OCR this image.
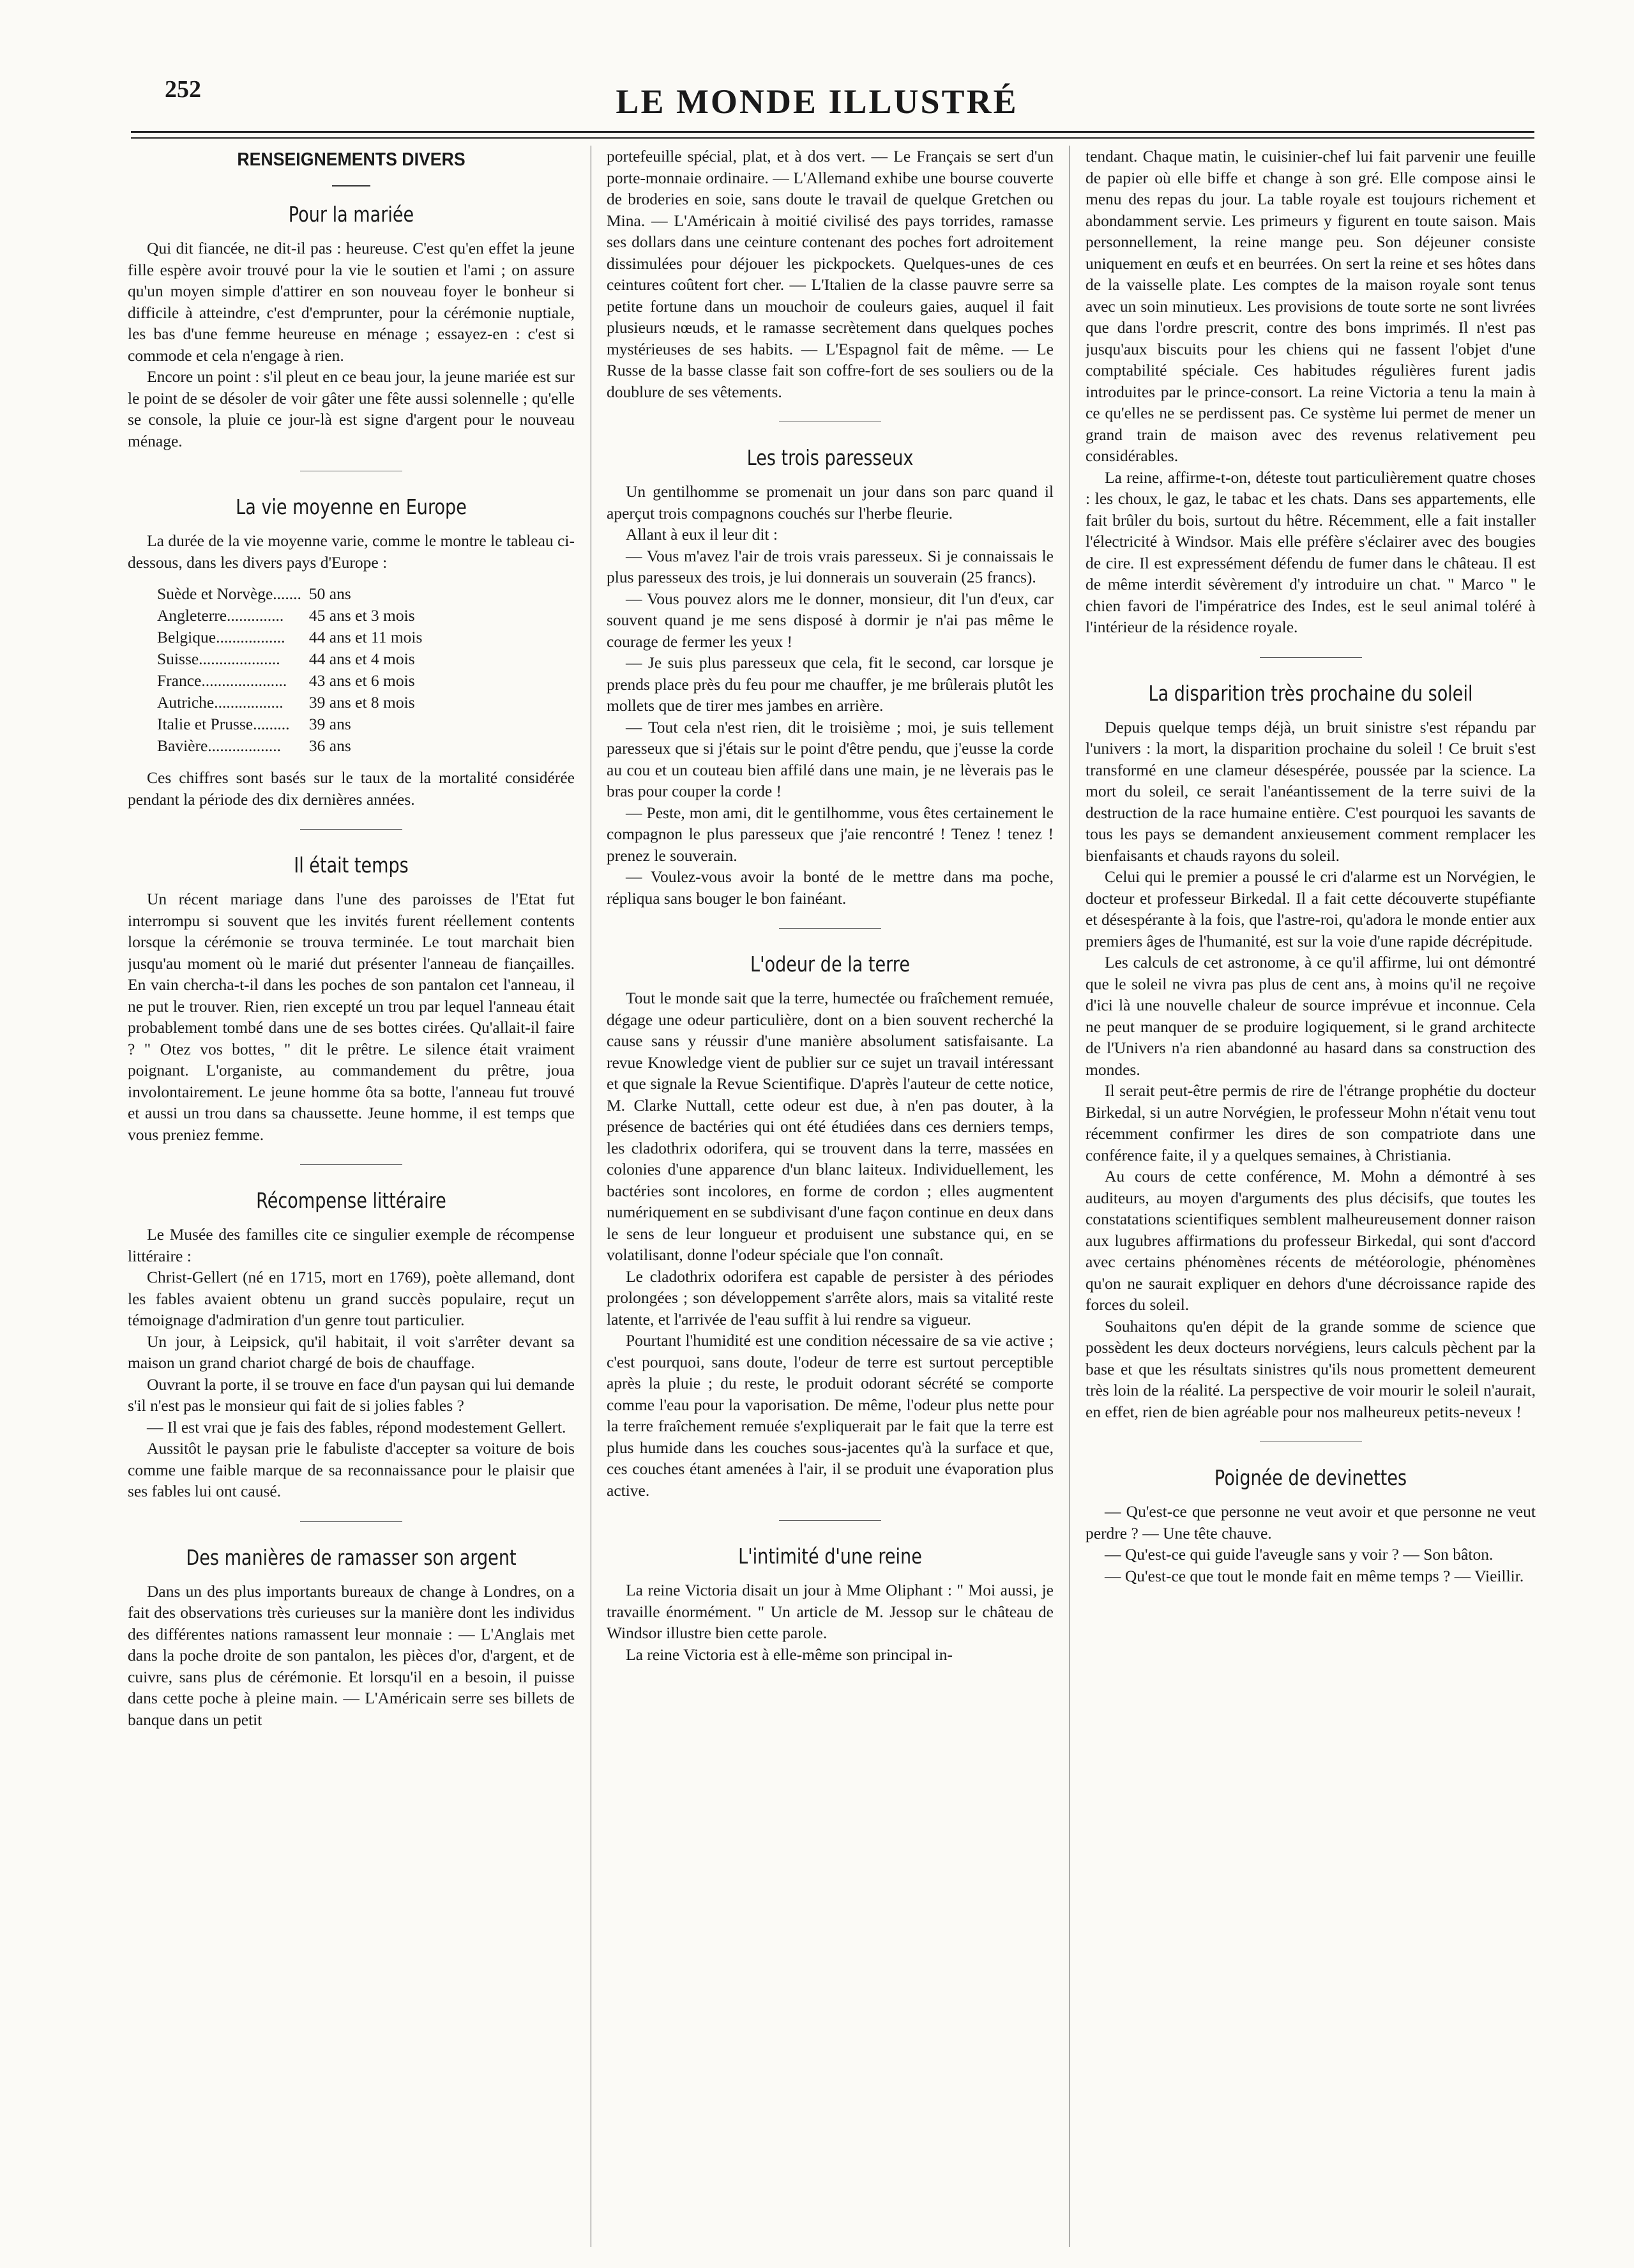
252	LE MONDE ILLUSTRÉ
RENSEIGNEMENTS DIVERS
Pour la mariée

Qui dit fiancée, ne dit-il pas : heureuse. C'est qu'en effet la jeune fille espère avoir trouvé pour la vie le soutien et l'ami ; on assure qu'un moyen simple d'attirer en son nouveau foyer le bonheur si difficile à atteindre, c'est d'emprunter, pour la cérémonie nuptiale, les bas d'une femme heureuse en ménage ; essayez-en : c'est si commode et cela n'engage à rien.

Encore un point : s'il pleut en ce beau jour, la jeune mariée est sur le point de se désoler de voir gâter une fête aussi solennelle ; qu'elle se console, la pluie ce jour-là est signe d'argent pour le nouveau ménage.

La vie moyenne en Europe

La durée de la vie moyenne varie, comme le montre le tableau ci-dessous, dans les divers pays d'Europe :

Suède et Norvège.......	50 ans
Angleterre..............	45 ans et 3 mois
Belgique.................	44 ans et 11 mois
Suisse....................	44 ans et 4 mois
France.....................	43 ans et 6 mois
Autriche.................	39 ans et 8 mois
Italie et Prusse.........	39 ans
Bavière..................	36 ans

Ces chiffres sont basés sur le taux de la mortalité considérée pendant la période des dix dernières années.

Il était temps

Un récent mariage dans l'une des paroisses de l'Etat fut interrompu si souvent que les invités furent réellement contents lorsque la cérémonie se trouva terminée. Le tout marchait bien jusqu'au moment où le marié dut présenter l'anneau de fiançailles. En vain chercha-t-il dans les poches de son pantalon cet l'anneau, il ne put le trouver. Rien, rien excepté un trou par lequel l'anneau était probablement tombé dans une de ses bottes cirées. Qu'allait-il faire ? " Otez vos bottes, " dit le prêtre. Le silence était vraiment poignant. L'organiste, au commandement du prêtre, joua involontairement. Le jeune homme ôta sa botte, l'anneau fut trouvé et aussi un trou dans sa chaussette. Jeune homme, il est temps que vous preniez femme.

Récompense littéraire

Le Musée des familles cite ce singulier exemple de récompense littéraire :

Christ-Gellert (né en 1715, mort en 1769), poète allemand, dont les fables avaient obtenu un grand succès populaire, reçut un témoignage d'admiration d'un genre tout particulier.

Un jour, à Leipsick, qu'il habitait, il voit s'arrêter devant sa maison un grand chariot chargé de bois de chauffage.

Ouvrant la porte, il se trouve en face d'un paysan qui lui demande s'il n'est pas le monsieur qui fait de si jolies fables ?

— Il est vrai que je fais des fables, répond modestement Gellert.

Aussitôt le paysan prie le fabuliste d'accepter sa voiture de bois comme une faible marque de sa reconnaissance pour le plaisir que ses fables lui ont causé.

Des manières de ramasser son argent

Dans un des plus importants bureaux de change à Londres, on a fait des observations très curieuses sur la manière dont les individus des différentes nations ramassent leur monnaie : — L'Anglais met dans la poche droite de son pantalon, les pièces d'or, d'argent, et de cuivre, sans plus de cérémonie. Et lorsqu'il en a besoin, il puisse dans cette poche à pleine main. — L'Américain serre ses billets de banque dans un petit

portefeuille spécial, plat, et à dos vert. — Le Français se sert d'un porte-monnaie ordinaire. — L'Allemand exhibe une bourse couverte de broderies en soie, sans doute le travail de quelque Gretchen ou Mina. — L'Américain à moitié civilisé des pays torrides, ramasse ses dollars dans une ceinture contenant des poches fort adroitement dissimulées pour déjouer les pickpockets. Quelques-unes de ces ceintures coûtent fort cher. — L'Italien de la classe pauvre serre sa petite fortune dans un mouchoir de couleurs gaies, auquel il fait plusieurs nœuds, et le ramasse secrètement dans quelques poches mystérieuses de ses habits. — L'Espagnol fait de même. — Le Russe de la basse classe fait son coffre-fort de ses souliers ou de la doublure de ses vêtements.

Les trois paresseux

Un gentilhomme se promenait un jour dans son parc quand il aperçut trois compagnons couchés sur l'herbe fleurie.

Allant à eux il leur dit :

— Vous m'avez l'air de trois vrais paresseux. Si je connaissais le plus paresseux des trois, je lui donnerais un souverain (25 francs).

— Vous pouvez alors me le donner, monsieur, dit l'un d'eux, car souvent quand je me sens disposé à dormir je n'ai pas même le courage de fermer les yeux !

— Je suis plus paresseux que cela, fit le second, car lorsque je prends place près du feu pour me chauffer, je me brûlerais plutôt les mollets que de tirer mes jambes en arrière.

— Tout cela n'est rien, dit le troisième ; moi, je suis tellement paresseux que si j'étais sur le point d'être pendu, que j'eusse la corde au cou et un couteau bien affilé dans une main, je ne lèverais pas le bras pour couper la corde !

— Peste, mon ami, dit le gentilhomme, vous êtes certainement le compagnon le plus paresseux que j'aie rencontré ! Tenez ! tenez ! prenez le souverain.

— Voulez-vous avoir la bonté de le mettre dans ma poche, répliqua sans bouger le bon fainéant.

L'odeur de la terre

Tout le monde sait que la terre, humectée ou fraîchement remuée, dégage une odeur particulière, dont on a bien souvent recherché la cause sans y réussir d'une manière absolument satisfaisante. La revue Knowledge vient de publier sur ce sujet un travail intéressant et que signale la Revue Scientifique. D'après l'auteur de cette notice, M. Clarke Nuttall, cette odeur est due, à n'en pas douter, à la présence de bactéries qui ont été étudiées dans ces derniers temps, les cladothrix odorifera, qui se trouvent dans la terre, massées en colonies d'une apparence d'un blanc laiteux. Individuellement, les bactéries sont incolores, en forme de cordon ; elles augmentent numériquement en se subdivisant d'une façon continue en deux dans le sens de leur longueur et produisent une substance qui, en se volatilisant, donne l'odeur spéciale que l'on connaît.

Le cladothrix odorifera est capable de persister à des périodes prolongées ; son développement s'arrête alors, mais sa vitalité reste latente, et l'arrivée de l'eau suffit à lui rendre sa vigueur.

Pourtant l'humidité est une condition nécessaire de sa vie active ; c'est pourquoi, sans doute, l'odeur de terre est surtout perceptible après la pluie ; du reste, le produit odorant sécrété se comporte comme l'eau pour la vaporisation. De même, l'odeur plus nette pour la terre fraîchement remuée s'expliquerait par le fait que la terre est plus humide dans les couches sous-jacentes qu'à la surface et que, ces couches étant amenées à l'air, il se produit une évaporation plus active.

L'intimité d'une reine

La reine Victoria disait un jour à Mme Oliphant : " Moi aussi, je travaille énormément. " Un article de M. Jessop sur le château de Windsor illustre bien cette parole.

La reine Victoria est à elle-même son principal in-

tendant. Chaque matin, le cuisinier-chef lui fait parvenir une feuille de papier où elle biffe et change à son gré. Elle compose ainsi le menu des repas du jour. La table royale est toujours richement et abondamment servie. Les primeurs y figurent en toute saison. Mais personnellement, la reine mange peu. Son déjeuner consiste uniquement en œufs et en beurrées. On sert la reine et ses hôtes dans de la vaisselle plate. Les comptes de la maison royale sont tenus avec un soin minutieux. Les provisions de toute sorte ne sont livrées que dans l'ordre prescrit, contre des bons imprimés. Il n'est pas jusqu'aux biscuits pour les chiens qui ne fassent l'objet d'une comptabilité spéciale. Ces habitudes régulières furent jadis introduites par le prince-consort. La reine Victoria a tenu la main à ce qu'elles ne se perdissent pas. Ce système lui permet de mener un grand train de maison avec des revenus relativement peu considérables.

La reine, affirme-t-on, déteste tout particulièrement quatre choses : les choux, le gaz, le tabac et les chats. Dans ses appartements, elle fait brûler du bois, surtout du hêtre. Récemment, elle a fait installer l'électricité à Windsor. Mais elle préfère s'éclairer avec des bougies de cire. Il est expressément défendu de fumer dans le château. Il est de même interdit sévèrement d'y introduire un chat. " Marco " le chien favori de l'impératrice des Indes, est le seul animal toléré à l'intérieur de la résidence royale.

La disparition très prochaine du soleil

Depuis quelque temps déjà, un bruit sinistre s'est répandu par l'univers : la mort, la disparition prochaine du soleil ! Ce bruit s'est transformé en une clameur désespérée, poussée par la science. La mort du soleil, ce serait l'anéantissement de la terre suivi de la destruction de la race humaine entière. C'est pourquoi les savants de tous les pays se demandent anxieusement comment remplacer les bienfaisants et chauds rayons du soleil.

Celui qui le premier a poussé le cri d'alarme est un Norvégien, le docteur et professeur Birkedal. Il a fait cette découverte stupéfiante et désespérante à la fois, que l'astre-roi, qu'adora le monde entier aux premiers âges de l'humanité, est sur la voie d'une rapide décrépitude.

Les calculs de cet astronome, à ce qu'il affirme, lui ont démontré que le soleil ne vivra pas plus de cent ans, à moins qu'il ne reçoive d'ici là une nouvelle chaleur de source imprévue et inconnue. Cela ne peut manquer de se produire logiquement, si le grand architecte de l'Univers n'a rien abandonné au hasard dans sa construction des mondes.

Il serait peut-être permis de rire de l'étrange prophétie du docteur Birkedal, si un autre Norvégien, le professeur Mohn n'était venu tout récemment confirmer les dires de son compatriote dans une conférence faite, il y a quelques semaines, à Christiania.

Au cours de cette conférence, M. Mohn a démontré à ses auditeurs, au moyen d'arguments des plus décisifs, que toutes les constatations scientifiques semblent malheureusement donner raison aux lugubres affirmations du professeur Birkedal, qui sont d'accord avec certains phénomènes récents de météorologie, phénomènes qu'on ne saurait expliquer en dehors d'une décroissance rapide des forces du soleil.

Souhaitons qu'en dépit de la grande somme de science que possèdent les deux docteurs norvégiens, leurs calculs pèchent par la base et que les résultats sinistres qu'ils nous promettent demeurent très loin de la réalité. La perspective de voir mourir le soleil n'aurait, en effet, rien de bien agréable pour nos malheureux petits-neveux !

Poignée de devinettes

— Qu'est-ce que personne ne veut avoir et que personne ne veut perdre ? — Une tête chauve.

— Qu'est-ce qui guide l'aveugle sans y voir ? — Son bâton.

— Qu'est-ce que tout le monde fait en même temps ? — Vieillir.
